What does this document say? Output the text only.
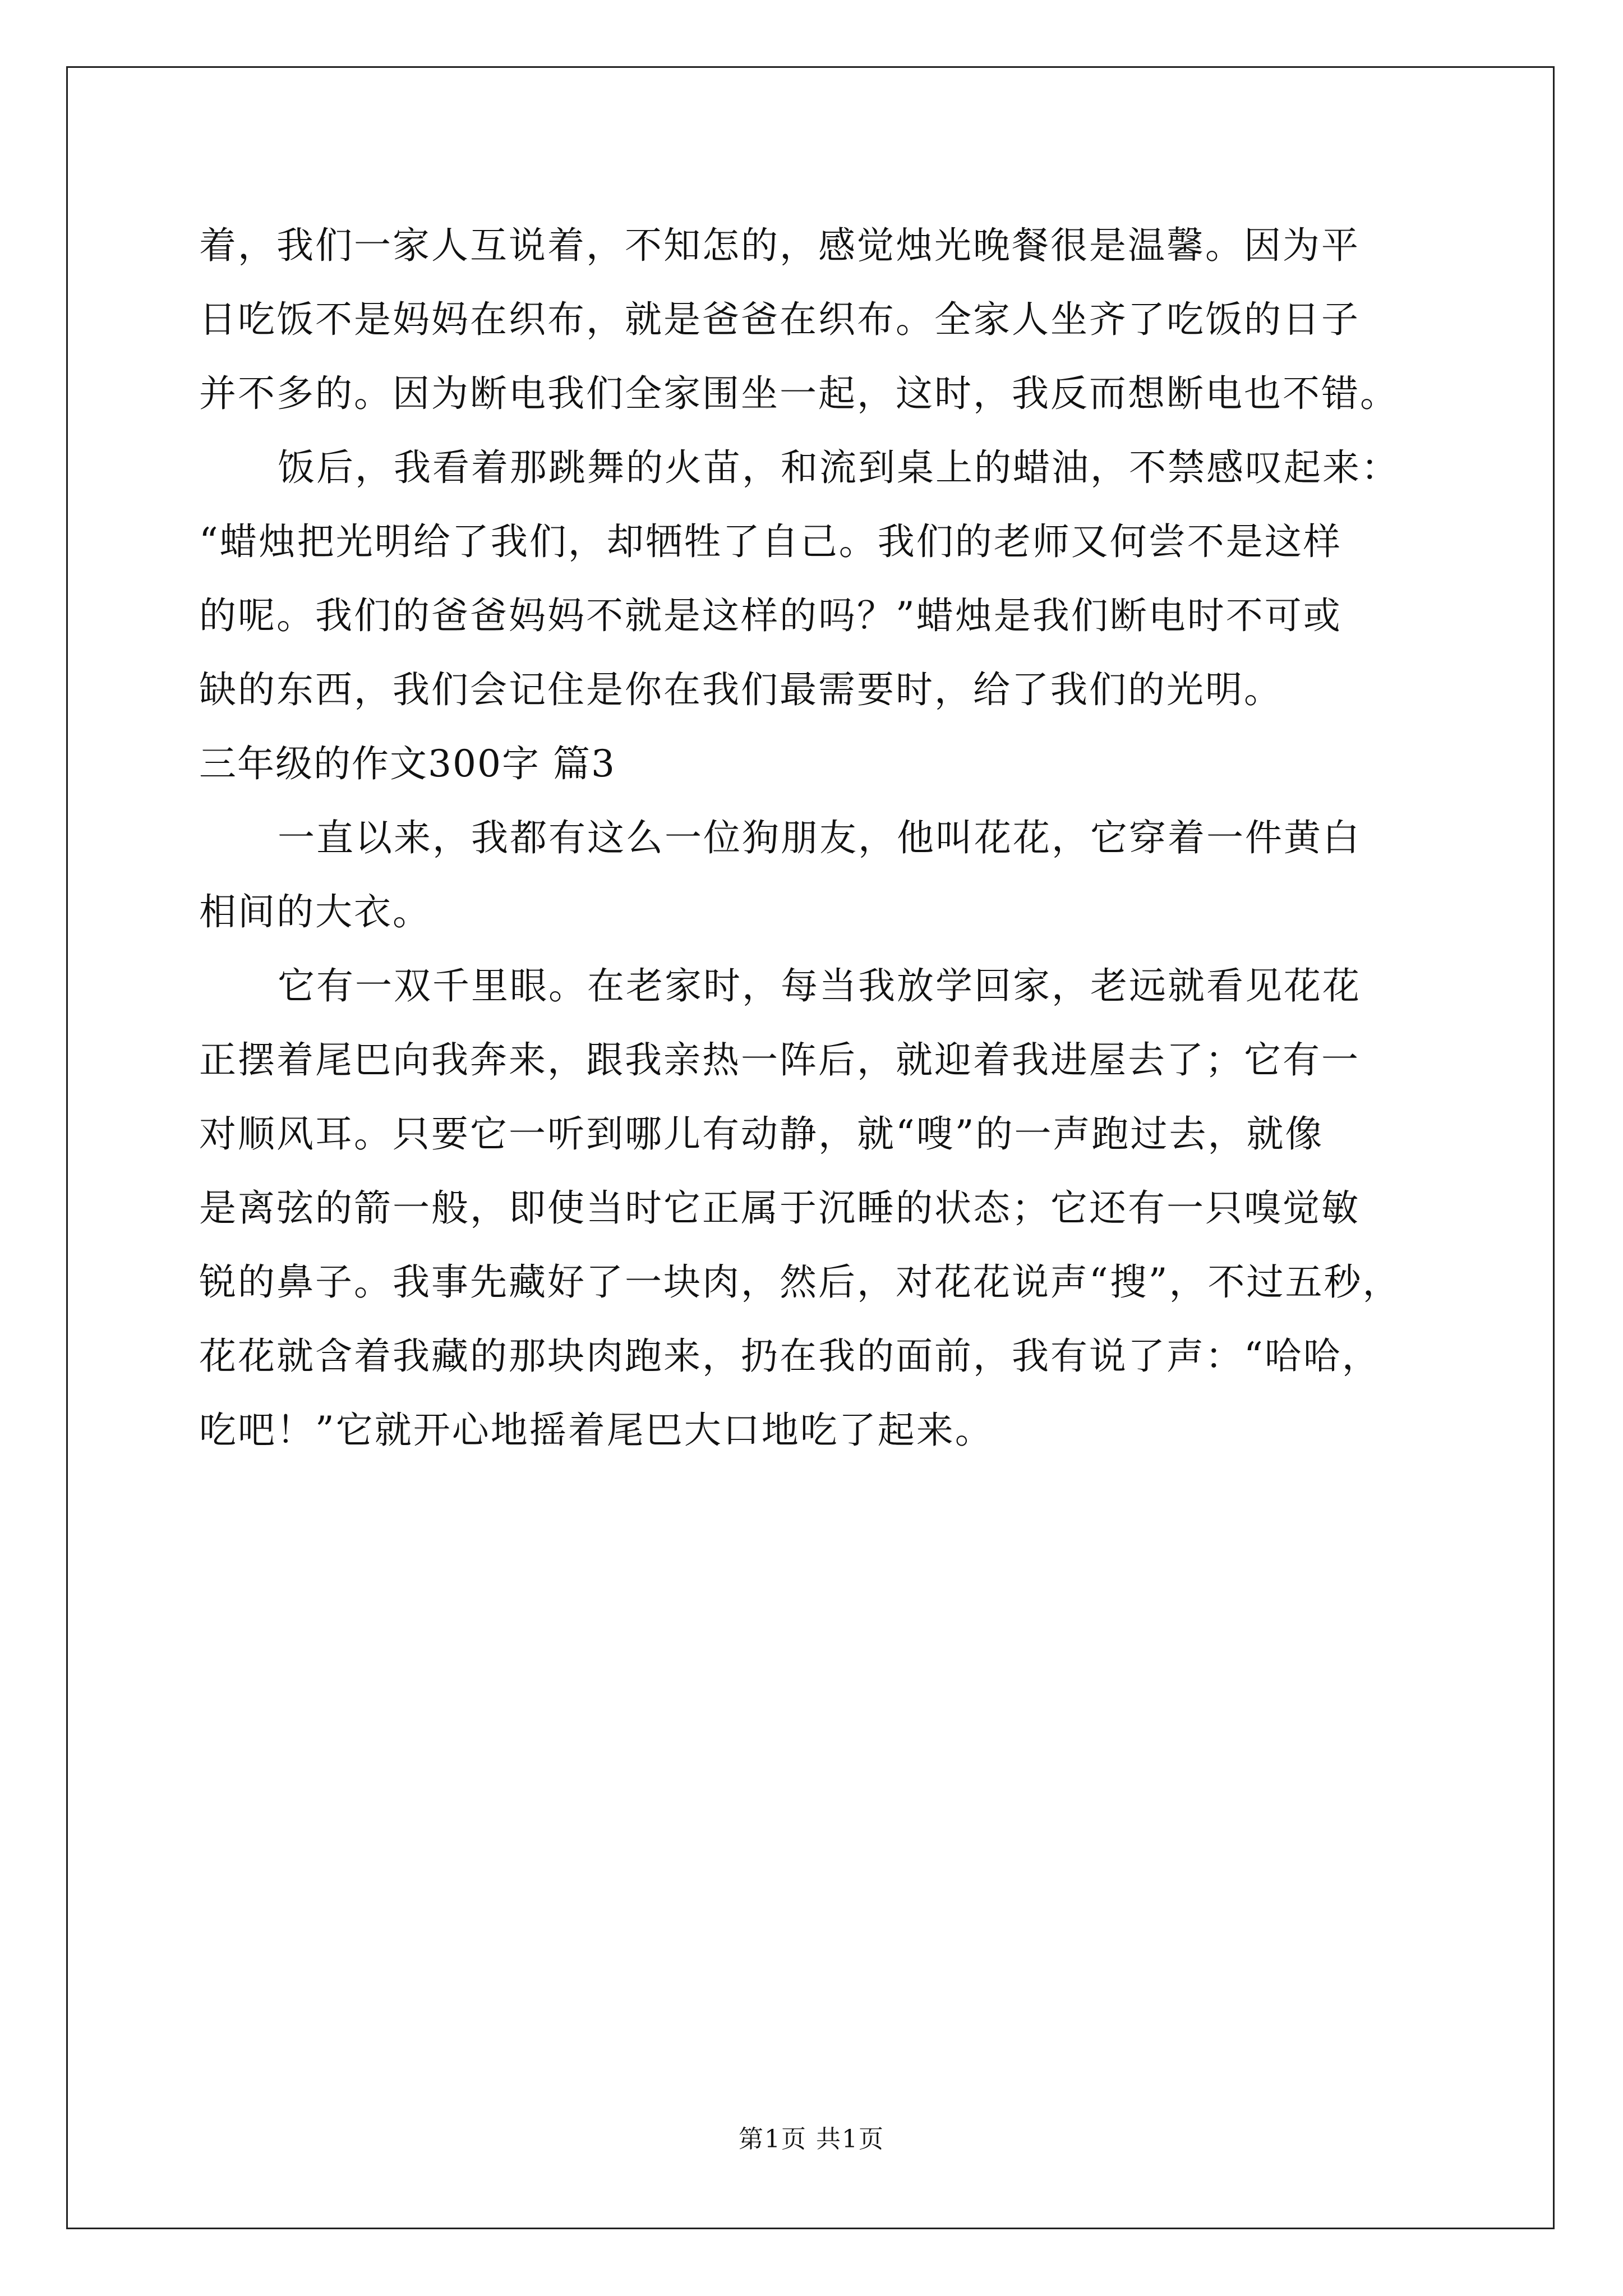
着，我们一家人互说着，不知怎的，感觉烛光晚餐很是温馨。因为平
日吃饭不是妈妈在织布，就是爸爸在织布。全家人坐齐了吃饭的日子
并不多的。因为断电我们全家围坐一起，这时，我反而想断电也不错。
饭后，我看着那跳舞的火苗，和流到桌上的蜡油，不禁感叹起来：
“蜡烛把光明给了我们，却牺牲了自己。我们的老师又何尝不是这样
的呢。我们的爸爸妈妈不就是这样的吗？”蜡烛是我们断电时不可或
缺的东西，我们会记住是你在我们最需要时，给了我们的光明。
三年级的作文300字 篇3
一直以来，我都有这么一位狗朋友，他叫花花，它穿着一件黄白
相间的大衣。
它有一双千里眼。在老家时，每当我放学回家，老远就看见花花
正摆着尾巴向我奔来，跟我亲热一阵后，就迎着我进屋去了；它有一
对顺风耳。只要它一听到哪儿有动静，就“嗖”的一声跑过去，就像
是离弦的箭一般，即使当时它正属于沉睡的状态；它还有一只嗅觉敏
锐的鼻子。我事先藏好了一块肉，然后，对花花说声“搜”，不过五秒，
花花就含着我藏的那块肉跑来，扔在我的面前，我有说了声：“哈哈，
吃吧！”它就开心地摇着尾巴大口地吃了起来。
第1页 共1页
